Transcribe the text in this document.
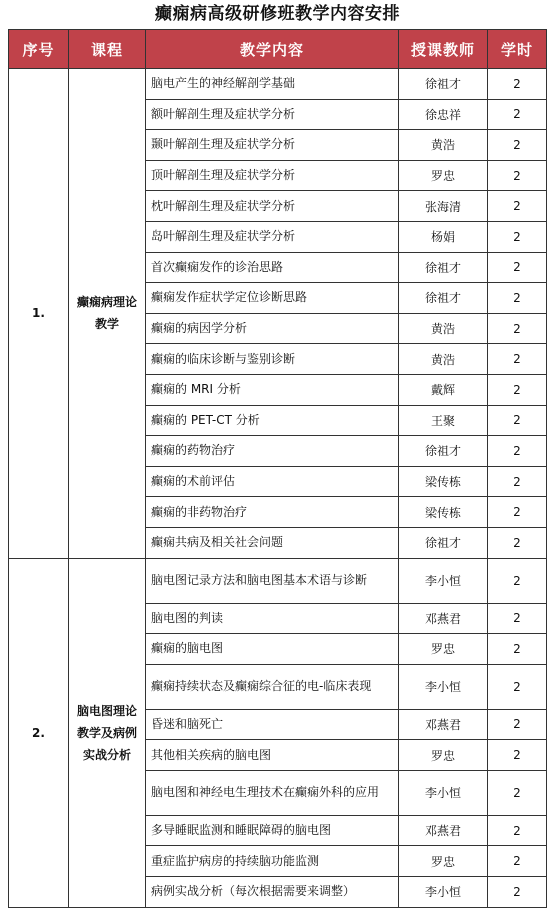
癫痫病高级研修班教学内容安排
序号	课程	教学内容	授课教师	学时
1.	癫痫病理论教学	脑电产生的神经解剖学基础	徐祖才	2
		额叶解剖生理及症状学分析	徐忠祥	2
		颞叶解剖生理及症状学分析	黄浩	2
		顶叶解剖生理及症状学分析	罗忠	2
		枕叶解剖生理及症状学分析	张海清	2
		岛叶解剖生理及症状学分析	杨娟	2
		首次癫痫发作的诊治思路	徐祖才	2
		癫痫发作症状学定位诊断思路	徐祖才	2
		癫痫的病因学分析	黄浩	2
		癫痫的临床诊断与鉴别诊断	黄浩	2
		癫痫的 MRI 分析	戴辉	2
		癫痫的 PET-CT 分析	王聚	2
		癫痫的药物治疗	徐祖才	2
		癫痫的术前评估	梁传栋	2
		癫痫的非药物治疗	梁传栋	2
		癫痫共病及相关社会问题	徐祖才	2
2.	脑电图理论教学及病例实战分析	脑电图记录方法和脑电图基本术语与诊断	李小恒	2
		脑电图的判读	邓燕君	2
		癫痫的脑电图	罗忠	2
		癫痫持续状态及癫痫综合征的电-临床表现	李小恒	2
		昏迷和脑死亡	邓燕君	2
		其他相关疾病的脑电图	罗忠	2
		脑电图和神经电生理技术在癫痫外科的应用	李小恒	2
		多导睡眠监测和睡眠障碍的脑电图	邓燕君	2
		重症监护病房的持续脑功能监测	罗忠	2
		病例实战分析（每次根据需要来调整）	李小恒	2
